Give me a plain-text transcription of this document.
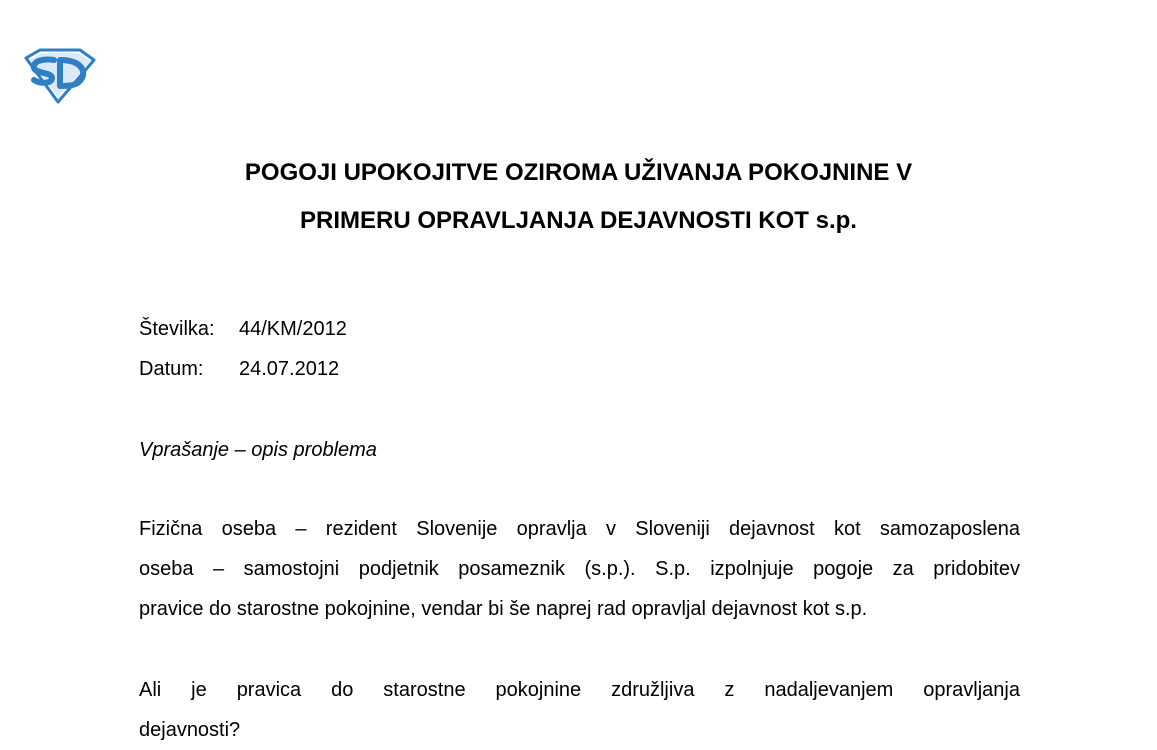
POGOJI UPOKOJITVE OZIROMA UŽIVANJA POKOJNINE V
PRIMERU OPRAVLJANJA DEJAVNOSTI KOT s.p.
Številka: 44/KM/2012
Datum: 24.07.2012
Vprašanje – opis problema
Fizična oseba – rezident Slovenije opravlja v Sloveniji dejavnost kot samozaposlena
oseba – samostojni podjetnik posameznik (s.p.). S.p. izpolnjuje pogoje za pridobitev
pravice do starostne pokojnine, vendar bi še naprej rad opravljal dejavnost kot s.p.
Ali je pravica do starostne pokojnine združljiva z nadaljevanjem opravljanja
dejavnosti?
